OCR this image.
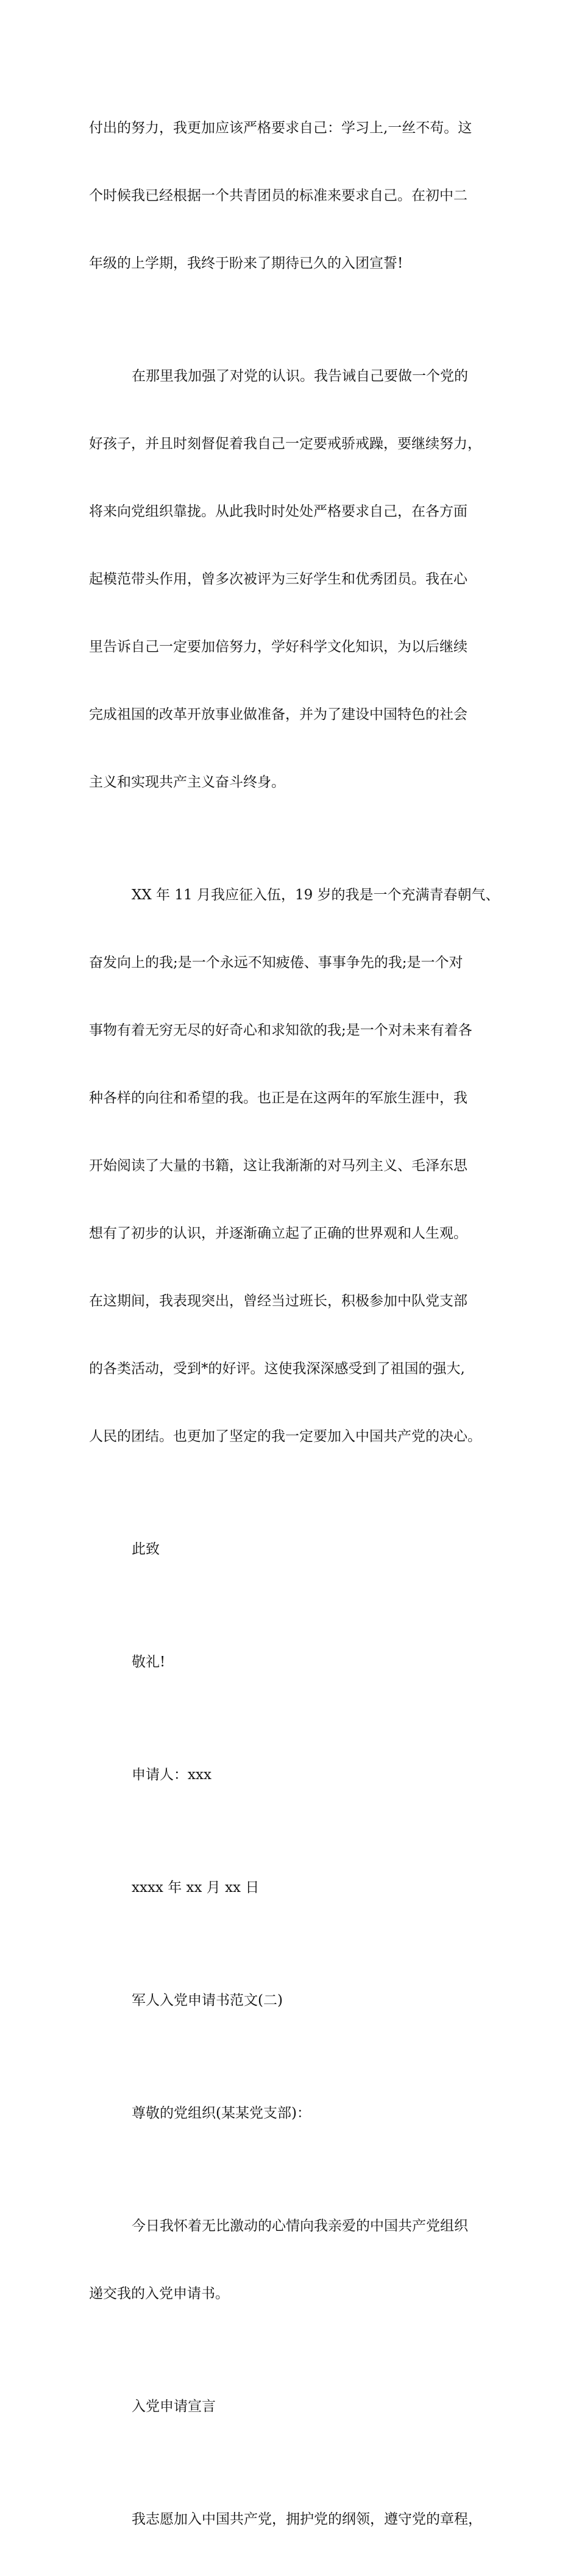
付出的努力，我更加应该严格要求自己：学习上,一丝不苟。这

个时候我已经根据一个共青团员的标准来要求自己。在初中二

年级的上学期，我终于盼来了期待已久的入团宣誓!

在那里我加强了对党的认识。我告诫自己要做一个党的

好孩子，并且时刻督促着我自己一定要戒骄戒躁，要继续努力，

将来向党组织靠拢。从此我时时处处严格要求自己，在各方面

起模范带头作用，曾多次被评为三好学生和优秀团员。我在心

里告诉自己一定要加倍努力，学好科学文化知识，为以后继续

完成祖国的改革开放事业做准备，并为了建设中国特色的社会

主义和实现共产主义奋斗终身。

XX 年 11 月我应征入伍，19 岁的我是一个充满青春朝气、

奋发向上的我;是一个永远不知疲倦、事事争先的我;是一个对

事物有着无穷无尽的好奇心和求知欲的我;是一个对未来有着各

种各样的向往和希望的我。也正是在这两年的军旅生涯中，我

开始阅读了大量的书籍，这让我渐渐的对马列主义、毛泽东思

想有了初步的认识，并逐渐确立起了正确的世界观和人生观。

在这期间，我表现突出，曾经当过班长，积极参加中队党支部

的各类活动，受到*的好评。这使我深深感受到了祖国的强大,

人民的团结。也更加了坚定的我一定要加入中国共产党的决心。

此致

敬礼!

申请人：xxx

xxxx 年 xx 月 xx 日

军人入党申请书范文(二)

尊敬的党组织(某某党支部)：

今日我怀着无比激动的心情向我亲爱的中国共产党组织

递交我的入党申请书。

入党申请宣言

我志愿加入中国共产党，拥护党的纲领，遵守党的章程，
